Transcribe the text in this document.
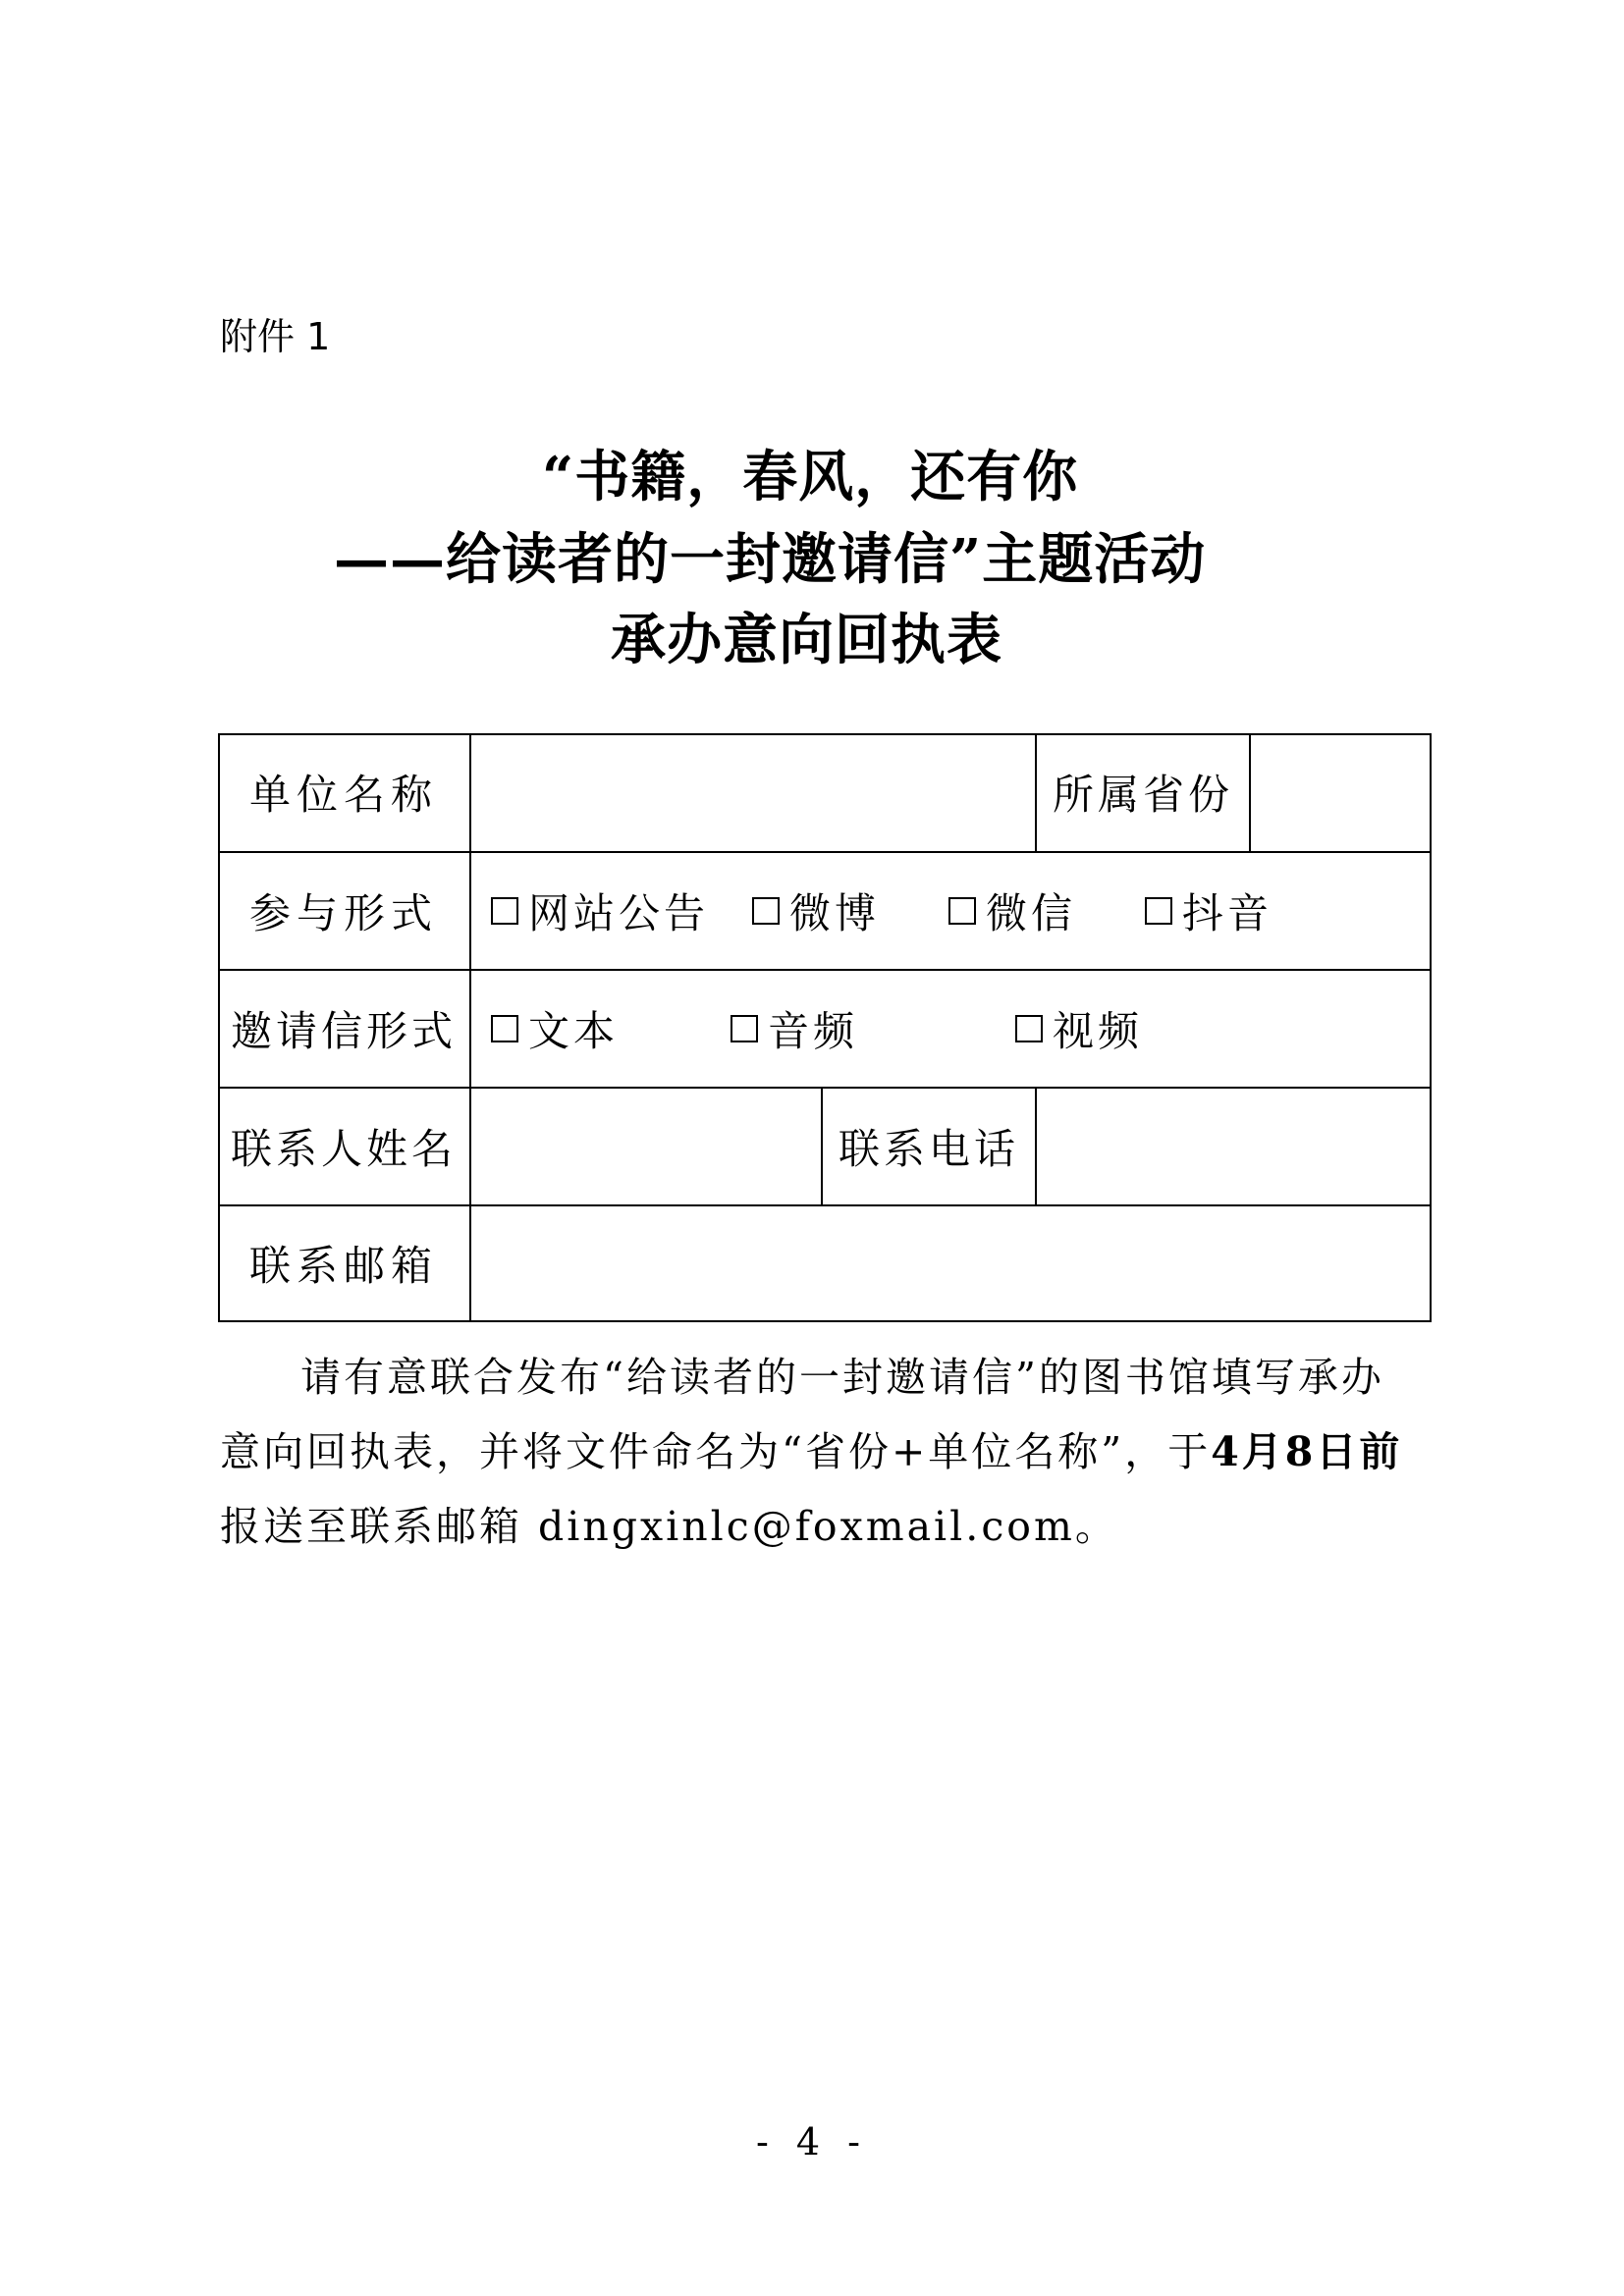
附件 1
“书籍，春风，还有你
——给读者的一封邀请信”主题活动
承办意向回执表
单位名称	所属省份
参与形式	网站公告 微博	微信	抖音
邀请信形式	文本	音频	视频
联系人姓名	联系电话
联系邮箱

请有意联合发布“给读者的一封邀请信”的图书馆填写承办

意向回执表，并将文件命名为“省份+单位名称”，于4月8日前

报送至联系邮箱 dingxinlc@foxmail.com。

- 4 -
